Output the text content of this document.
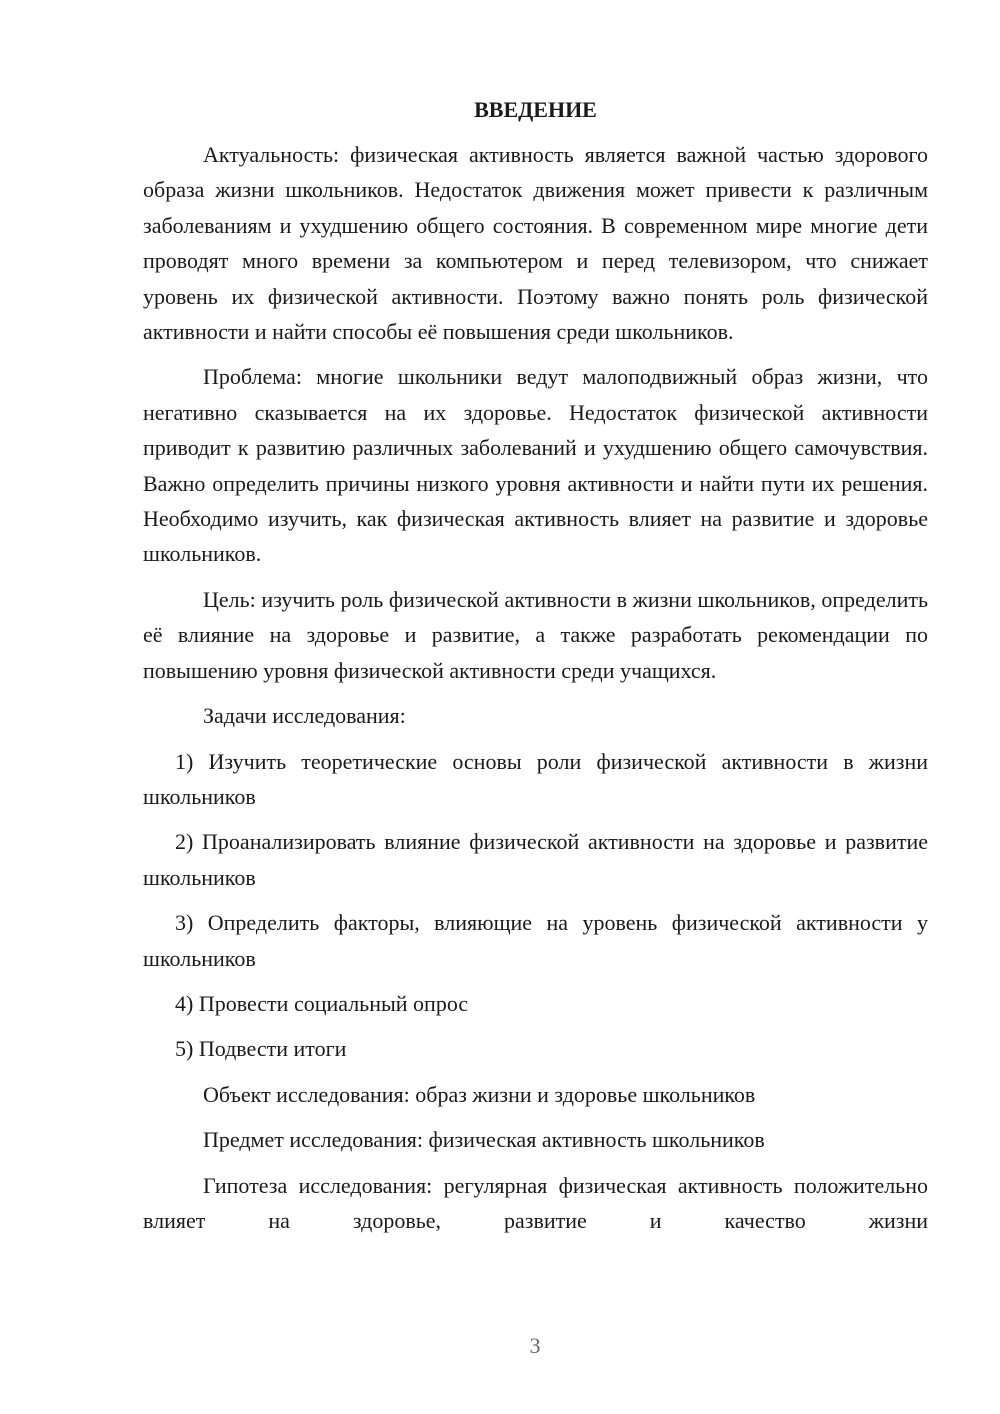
ВВЕДЕНИЕ

Актуальность: физическая активность является важной частью здорового образа жизни школьников. Недостаток движения может привести к различным заболеваниям и ухудшению общего состояния. В современном мире многие дети проводят много времени за компьютером и перед телевизором, что снижает уровень их физической активности. Поэтому важно понять роль физической активности и найти способы её повышения среди школьников.

Проблема: многие школьники ведут малоподвижный образ жизни, что негативно сказывается на их здоровье. Недостаток физической активности приводит к развитию различных заболеваний и ухудшению общего самочувствия. Важно определить причины низкого уровня активности и найти пути их решения. Необходимо изучить, как физическая активность влияет на развитие и здоровье школьников.

Цель: изучить роль физической активности в жизни школьников, определить её влияние на здоровье и развитие, а также разработать рекомендации по повышению уровня физической активности среди учащихся.

Задачи исследования:

1) Изучить теоретические основы роли физической активности в жизни школьников

2) Проанализировать влияние физической активности на здоровье и развитие школьников

3) Определить факторы, влияющие на уровень физической активности у школьников

4) Провести социальный опрос

5) Подвести итоги

Объект исследования: образ жизни и здоровье школьников

Предмет исследования: физическая активность школьников

Гипотеза исследования: регулярная физическая активность положительно влияет на здоровье, развитие и качество жизни

3
